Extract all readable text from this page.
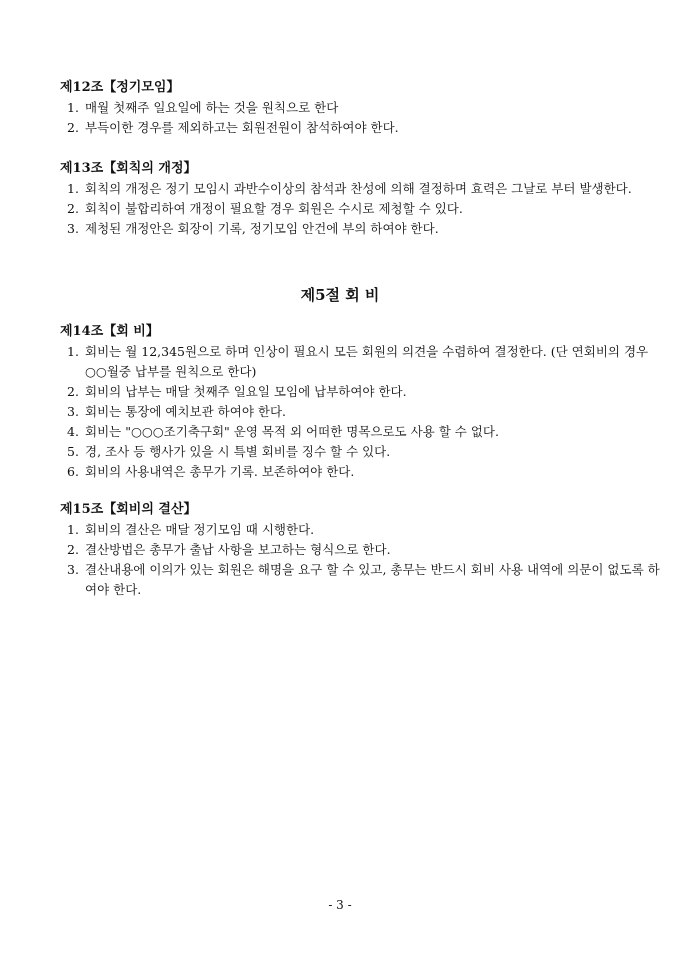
제12조【정기모임】

1. 매월 첫째주 일요일에 하는 것을 원칙으로 한다
2. 부득이한 경우를 제외하고는 회원전원이 참석하여야 한다.

제13조【회칙의 개정】

1. 회칙의 개정은 정기 모임시 과반수이상의 참석과 찬성에 의해 결정하며 효력은 그날로 부터 발생한다.
2. 회칙이 불합리하여 개정이 필요할 경우 회원은 수시로 제청할 수 있다.
3. 제청된 개정안은 회장이 기록, 정기모임 안건에 부의 하여야 한다.
제5절 회 비

제14조【회 비】

1. 회비는 월 12,345원으로 하며 인상이 필요시 모든 회원의 의견을 수렴하여 결정한다. (단 연회비의 경우 ○○월중 납부를 원칙으로 한다)
2. 회비의 납부는 매달 첫째주 일요일 모임에 납부하여야 한다.
3. 회비는 통장에 예치보관 하여야 한다.
4. 회비는 "○○○조기축구회" 운영 목적 외 어떠한 명목으로도 사용 할 수 없다.
5. 경, 조사 등 행사가 있을 시 특별 회비를 징수 할 수 있다.
6. 회비의 사용내역은 총무가 기록. 보존하여야 한다.

제15조【회비의 결산】

1. 회비의 결산은 매달 정기모임 때 시행한다.
2. 결산방법은 총무가 출납 사항을 보고하는 형식으로 한다.
3. 결산내용에 이의가 있는 회원은 해명을 요구 할 수 있고, 총무는 반드시 회비 사용 내역에 의문이 없도록 하여야 한다.
- 3 -
